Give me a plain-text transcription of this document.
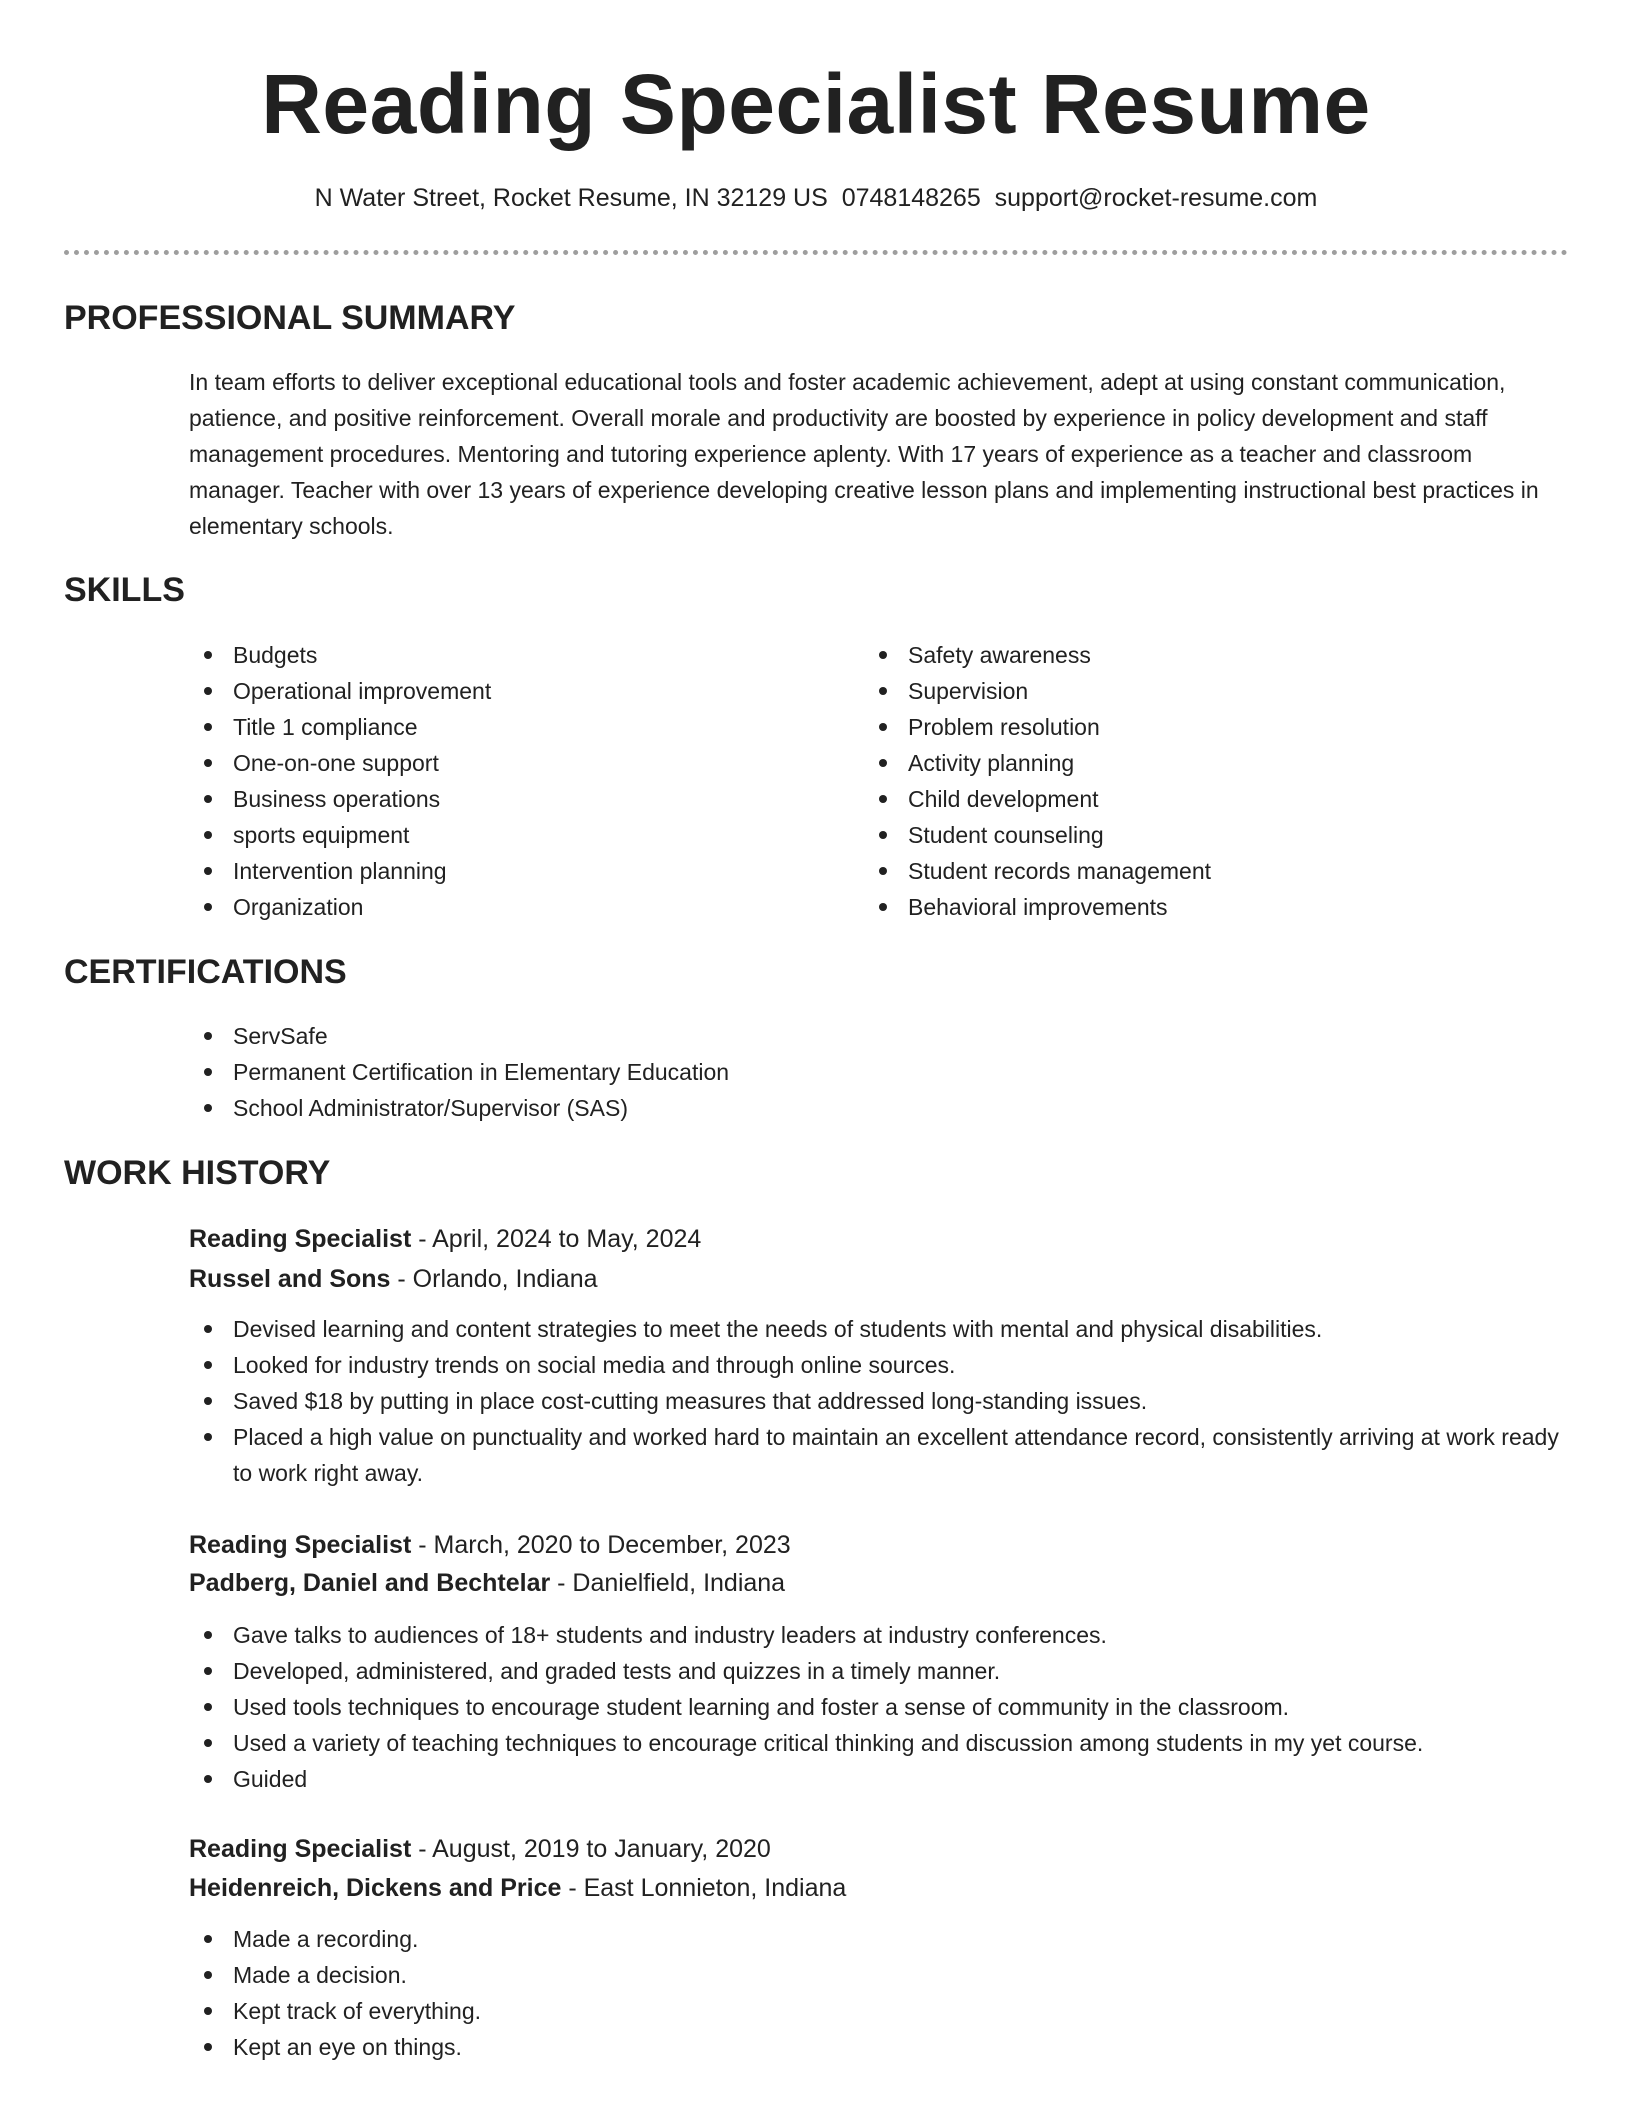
Reading Specialist Resume
N Water Street, Rocket Resume, IN 32129 US 0748148265 support@rocket-resume.com
PROFESSIONAL SUMMARY

In team efforts to deliver exceptional educational tools and foster academic achievement, adept at using constant communication, patience, and positive reinforcement. Overall morale and productivity are boosted by experience in policy development and staff management procedures. Mentoring and tutoring experience aplenty. With 17 years of experience as a teacher and classroom manager. Teacher with over 13 years of experience developing creative lesson plans and implementing instructional best practices in elementary schools.

SKILLS
Budgets
Operational improvement
Title 1 compliance
One-on-one support
Business operations
sports equipment
Intervention planning
Organization
Safety awareness
Supervision
Problem resolution
Activity planning
Child development
Student counseling
Student records management
Behavioral improvements
CERTIFICATIONS
ServSafe
Permanent Certification in Elementary Education
School Administrator/Supervisor (SAS)
WORK HISTORY
Reading Specialist - April, 2024 to May, 2024
Russel and Sons - Orlando, Indiana
Devised learning and content strategies to meet the needs of students with mental and physical disabilities.
Looked for industry trends on social media and through online sources.
Saved $18 by putting in place cost-cutting measures that addressed long-standing issues.
Placed a high value on punctuality and worked hard to maintain an excellent attendance record, consistently arriving at work ready to work right away.
Reading Specialist - March, 2020 to December, 2023
Padberg, Daniel and Bechtelar - Danielfield, Indiana
Gave talks to audiences of 18+ students and industry leaders at industry conferences.
Developed, administered, and graded tests and quizzes in a timely manner.
Used tools techniques to encourage student learning and foster a sense of community in the classroom.
Used a variety of teaching techniques to encourage critical thinking and discussion among students in my yet course.
Guided
Reading Specialist - August, 2019 to January, 2020
Heidenreich, Dickens and Price - East Lonnieton, Indiana
Made a recording.
Made a decision.
Kept track of everything.
Kept an eye on things.
